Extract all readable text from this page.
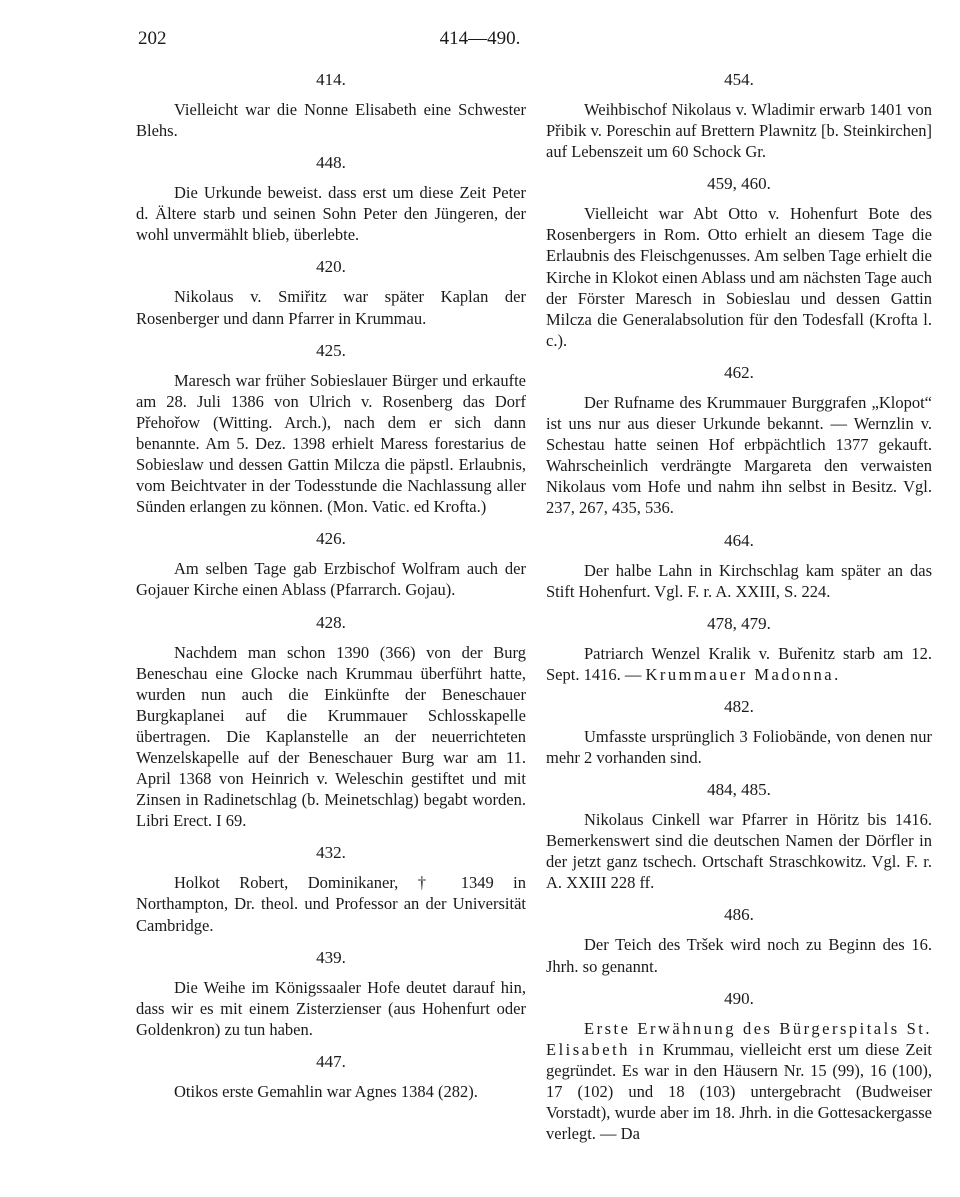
202	414—490.
414.

Vielleicht war die Nonne Elisabeth eine Schwester Blehs.

448.

Die Urkunde beweist. dass erst um diese Zeit Peter d. Ältere starb und seinen Sohn Peter den Jüngeren, der wohl unvermählt blieb, überlebte.

420.

Nikolaus v. Smiřitz war später Kaplan der Rosenberger und dann Pfarrer in Krummau.

425.

Maresch war früher Sobieslauer Bürger und erkaufte am 28. Juli 1386 von Ulrich v. Rosenberg das Dorf Přehořow (Witting. Arch.), nach dem er sich dann benannte. Am 5. Dez. 1398 erhielt Maress forestarius de Sobieslaw und dessen Gattin Milcza die päpstl. Erlaubnis, vom Beichtvater in der Todesstunde die Nachlassung aller Sünden erlangen zu können. (Mon. Vatic. ed Krofta.)

426.

Am selben Tage gab Erzbischof Wolfram auch der Gojauer Kirche einen Ablass (Pfarrarch. Gojau).

428.

Nachdem man schon 1390 (366) von der Burg Beneschau eine Glocke nach Krummau überführt hatte, wurden nun auch die Einkünfte der Beneschauer Burgkaplanei auf die Krummauer Schlosskapelle übertragen. Die Kaplanstelle an der neuerrichteten Wenzelskapelle auf der Beneschauer Burg war am 11. April 1368 von Heinrich v. Weleschin gestiftet und mit Zinsen in Radinetschlag (b. Meinetschlag) begabt worden. Libri Erect. I 69.

432.

Holkot Robert, Dominikaner, † 1349 in Northampton, Dr. theol. und Professor an der Universität Cambridge.

439.

Die Weihe im Königssaaler Hofe deutet darauf hin, dass wir es mit einem Zisterzienser (aus Hohenfurt oder Goldenkron) zu tun haben.

447.

Otikos erste Gemahlin war Agnes 1384 (282).

454.

Weihbischof Nikolaus v. Wladimir erwarb 1401 von Přibik v. Poreschin auf Brettern Plawnitz [b. Steinkirchen] auf Lebenszeit um 60 Schock Gr.

459, 460.

Vielleicht war Abt Otto v. Hohenfurt Bote des Rosenbergers in Rom. Otto erhielt an diesem Tage die Erlaubnis des Fleischgenusses. Am selben Tage erhielt die Kirche in Klokot einen Ablass und am nächsten Tage auch der Förster Maresch in Sobieslau und dessen Gattin Milcza die Generalabsolution für den Todesfall (Krofta l. c.).

462.

Der Rufname des Krummauer Burggrafen „Klopot“ ist uns nur aus dieser Urkunde bekannt. — Wernzlin v. Schestau hatte seinen Hof erbpächtlich 1377 gekauft. Wahrscheinlich verdrängte Margareta den verwaisten Nikolaus vom Hofe und nahm ihn selbst in Besitz. Vgl. 237, 267, 435, 536.

464.

Der halbe Lahn in Kirchschlag kam später an das Stift Hohenfurt. Vgl. F. r. A. XXIII, S. 224.

478, 479.

Patriarch Wenzel Kralik v. Buřenitz starb am 12. Sept. 1416. — Krummauer Madonna.

482.

Umfasste ursprünglich 3 Foliobände, von denen nur mehr 2 vorhanden sind.

484, 485.

Nikolaus Cinkell war Pfarrer in Höritz bis 1416. Bemerkenswert sind die deutschen Namen der Dörfler in der jetzt ganz tschech. Ortschaft Straschkowitz. Vgl. F. r. A. XXIII 228 ff.

486.

Der Teich des Tršek wird noch zu Beginn des 16. Jhrh. so genannt.

490.

Erste Erwähnung des Bürgerspitals St. Elisabeth in Krummau, vielleicht erst um diese Zeit gegründet. Es war in den Häusern Nr. 15 (99), 16 (100), 17 (102) und 18 (103) untergebracht (Budweiser Vorstadt), wurde aber im 18. Jhrh. in die Gottesackergasse verlegt. — Da
